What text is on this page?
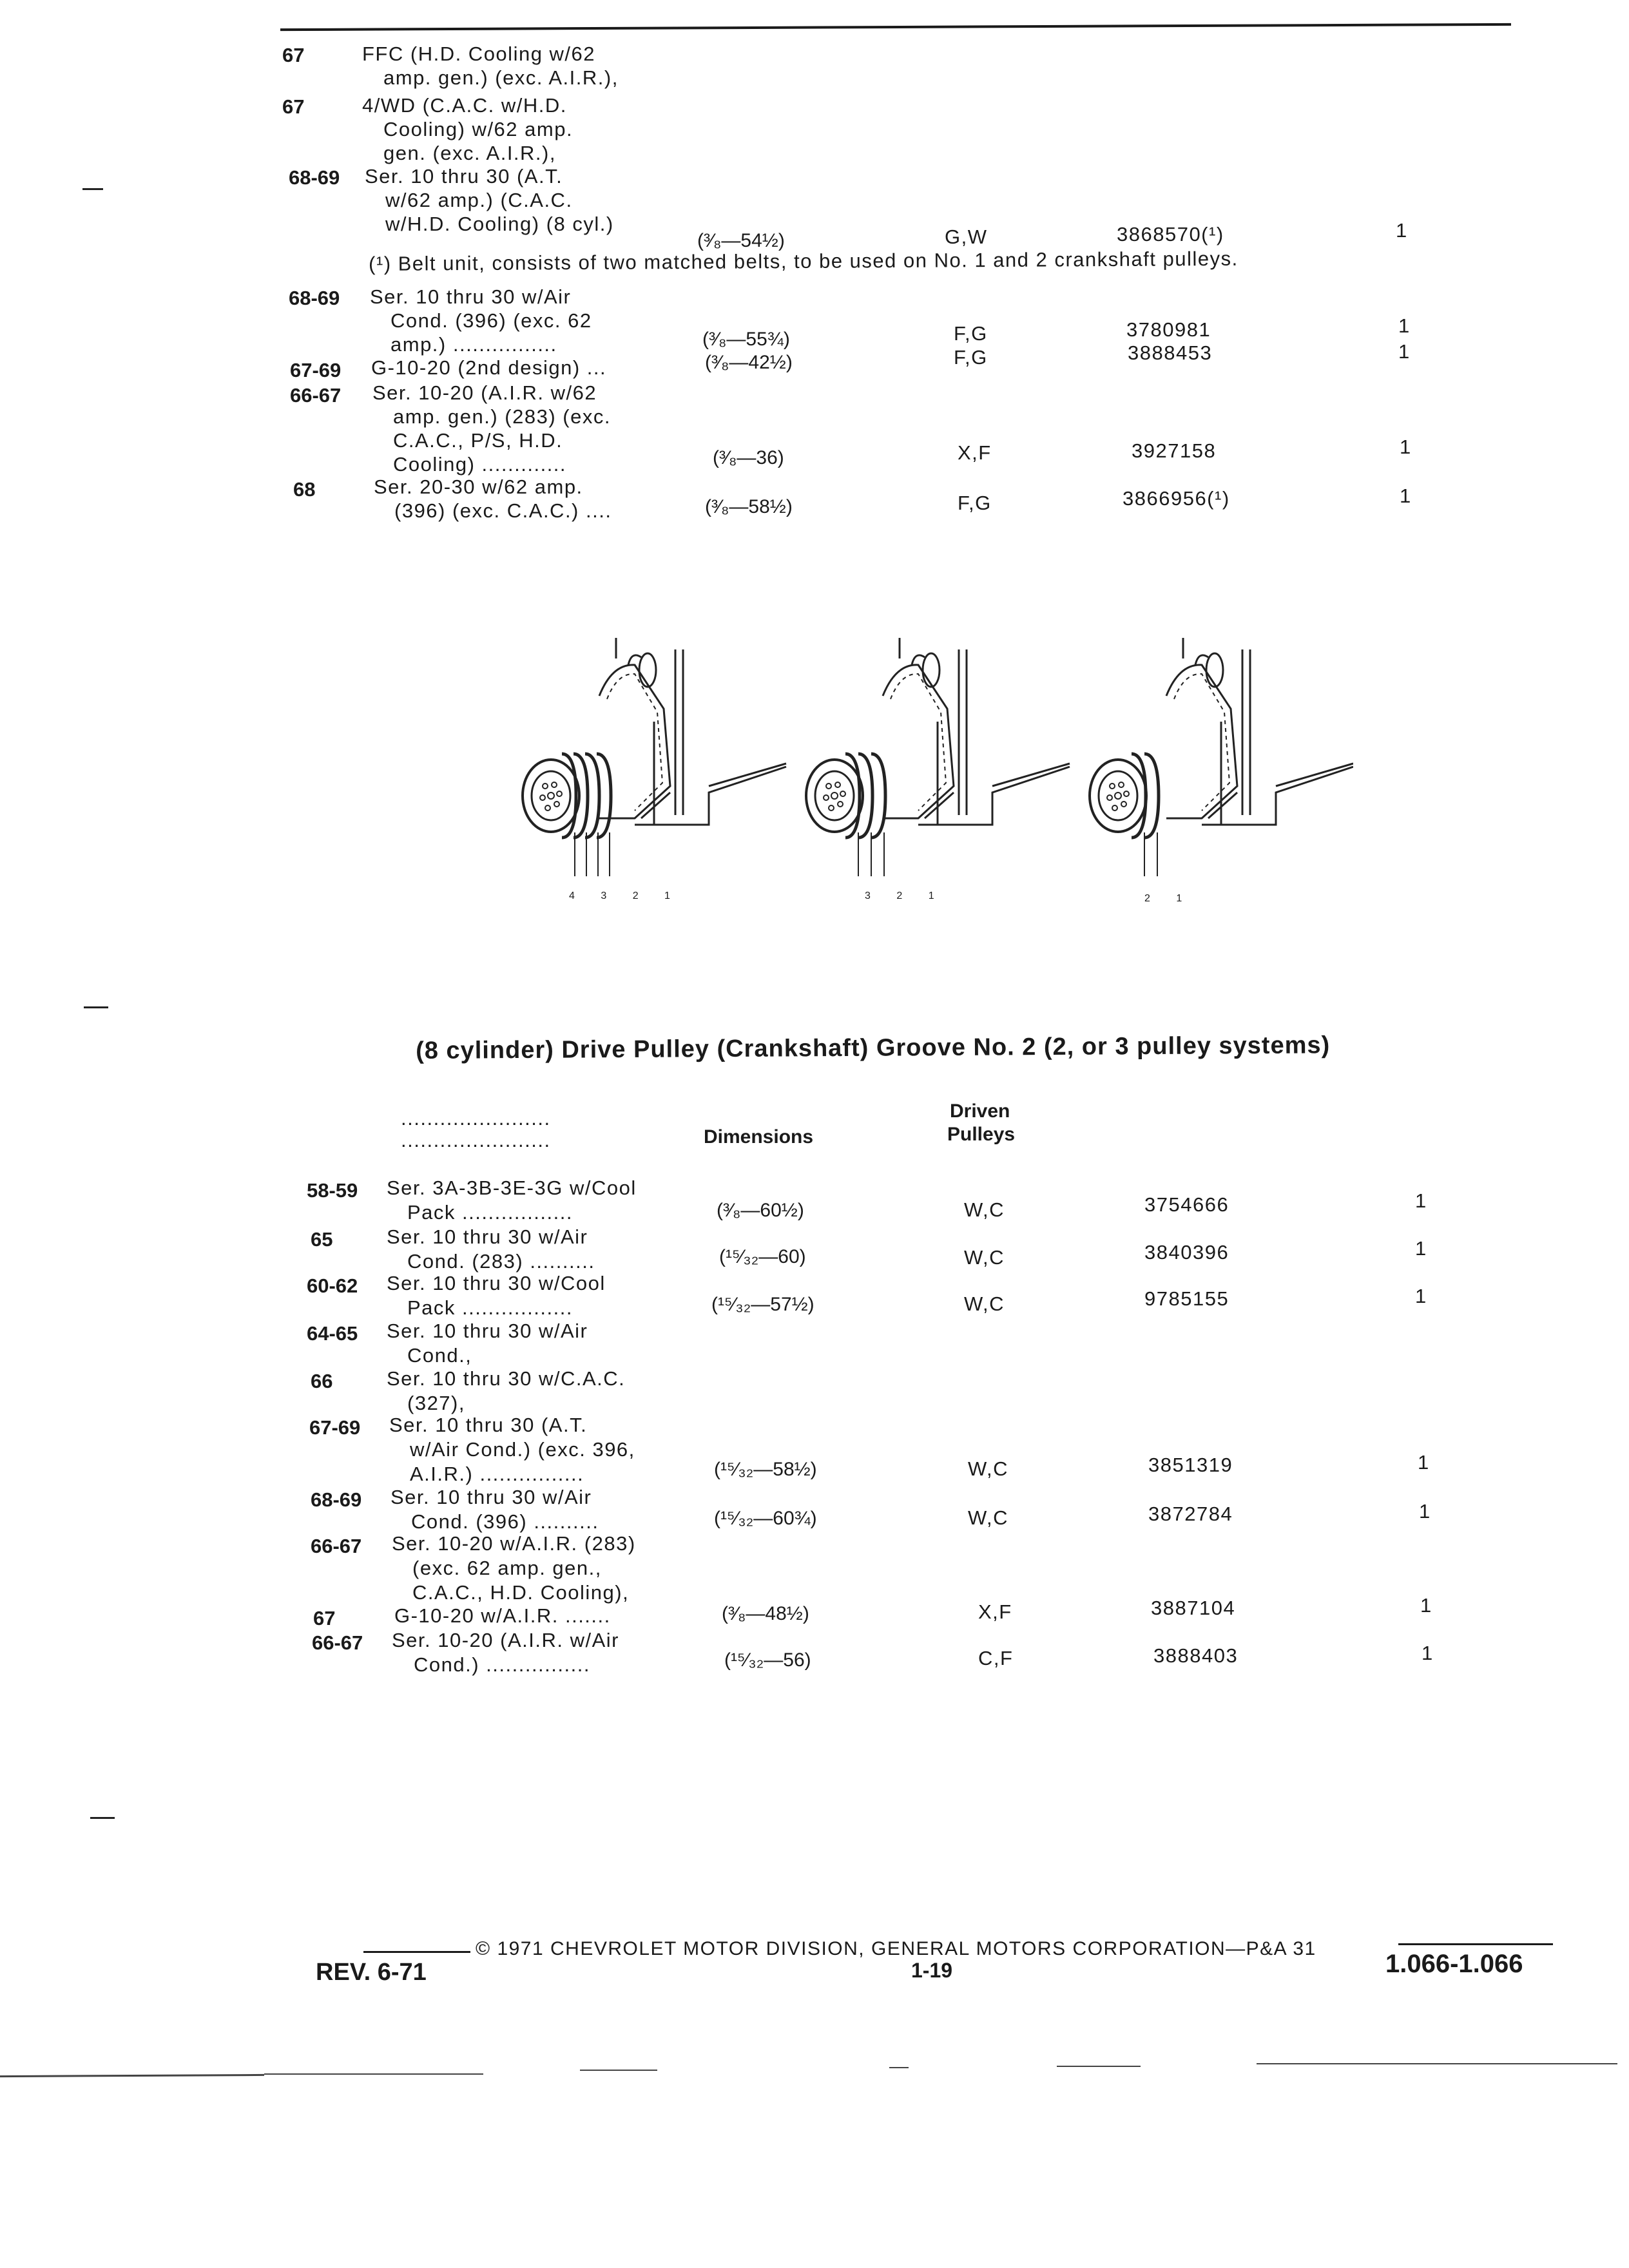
67	FFC (H.D. Cooling w/62
amp. gen.) (exc. A.I.R.),
67	4/WD (C.A.C. w/H.D.
Cooling) w/62 amp.
gen. (exc. A.I.R.),
68-69 Ser. 10 thru 30 (A.T.
w/62 amp.) (C.A.C.
w/H.D. Cooling) (8 cyl.)
(³⁄₈—54½)	G,W	3868570(¹)	1
(¹) Belt unit, consists of two matched belts, to be used on No. 1 and 2 crankshaft pulleys.
68-69 Ser. 10 thru 30 w/Air
Cond. (396) (exc. 62
amp.) ................	(³⁄₈—55¾)	F,G	3780981	1
67-69 G-10-20 (2nd design) ...	(³⁄₈—42½)	F,G	3888453	1
66-67 Ser. 10-20 (A.I.R. w/62
amp. gen.) (283) (exc.
C.A.C., P/S, H.D.
Cooling) .............	(³⁄₈—36)	X,F	3927158	1
68	Ser. 20-30 w/62 amp.
(396) (exc. C.A.C.) ....	(³⁄₈—58½)	F,G	3866956(¹)	1
4 3 2 1	3 2 1	2 1
(8 cylinder) Drive Pulley (Crankshaft) Groove No. 2 (2, or 3 pulley systems)
.......................
.......................	Dimensions
Driven
Pulleys
58-59 Ser. 3A-3B-3E-3G w/Cool
Pack .................	(³⁄₈—60½)	W,C	3754666	1
65	Ser. 10 thru 30 w/Air
Cond. (283) ..........	(¹⁵⁄₃₂—60)	W,C	3840396	1
60-62 Ser. 10 thru 30 w/Cool
Pack .................	(¹⁵⁄₃₂—57½)	W,C	9785155	1
64-65 Ser. 10 thru 30 w/Air
Cond.,
66	Ser. 10 thru 30 w/C.A.C.
(327),
67-69 Ser. 10 thru 30 (A.T.
w/Air Cond.) (exc. 396,
A.I.R.) ................	(¹⁵⁄₃₂—58½)	W,C	3851319	1
68-69 Ser. 10 thru 30 w/Air
Cond. (396) ..........	(¹⁵⁄₃₂—60¾)	W,C	3872784	1
66-67 Ser. 10-20 w/A.I.R. (283)
(exc. 62 amp. gen.,
C.A.C., H.D. Cooling),
67	G-10-20 w/A.I.R. .......	(³⁄₈—48½)	X,F	3887104	1
66-67 Ser. 10-20 (A.I.R. w/Air
Cond.) ................	(¹⁵⁄₃₂—56)	C,F	3888403	1
© 1971 CHEVROLET MOTOR DIVISION, GENERAL MOTORS CORPORATION—P&A 31
REV. 6-71	1-19	1.066-1.066
